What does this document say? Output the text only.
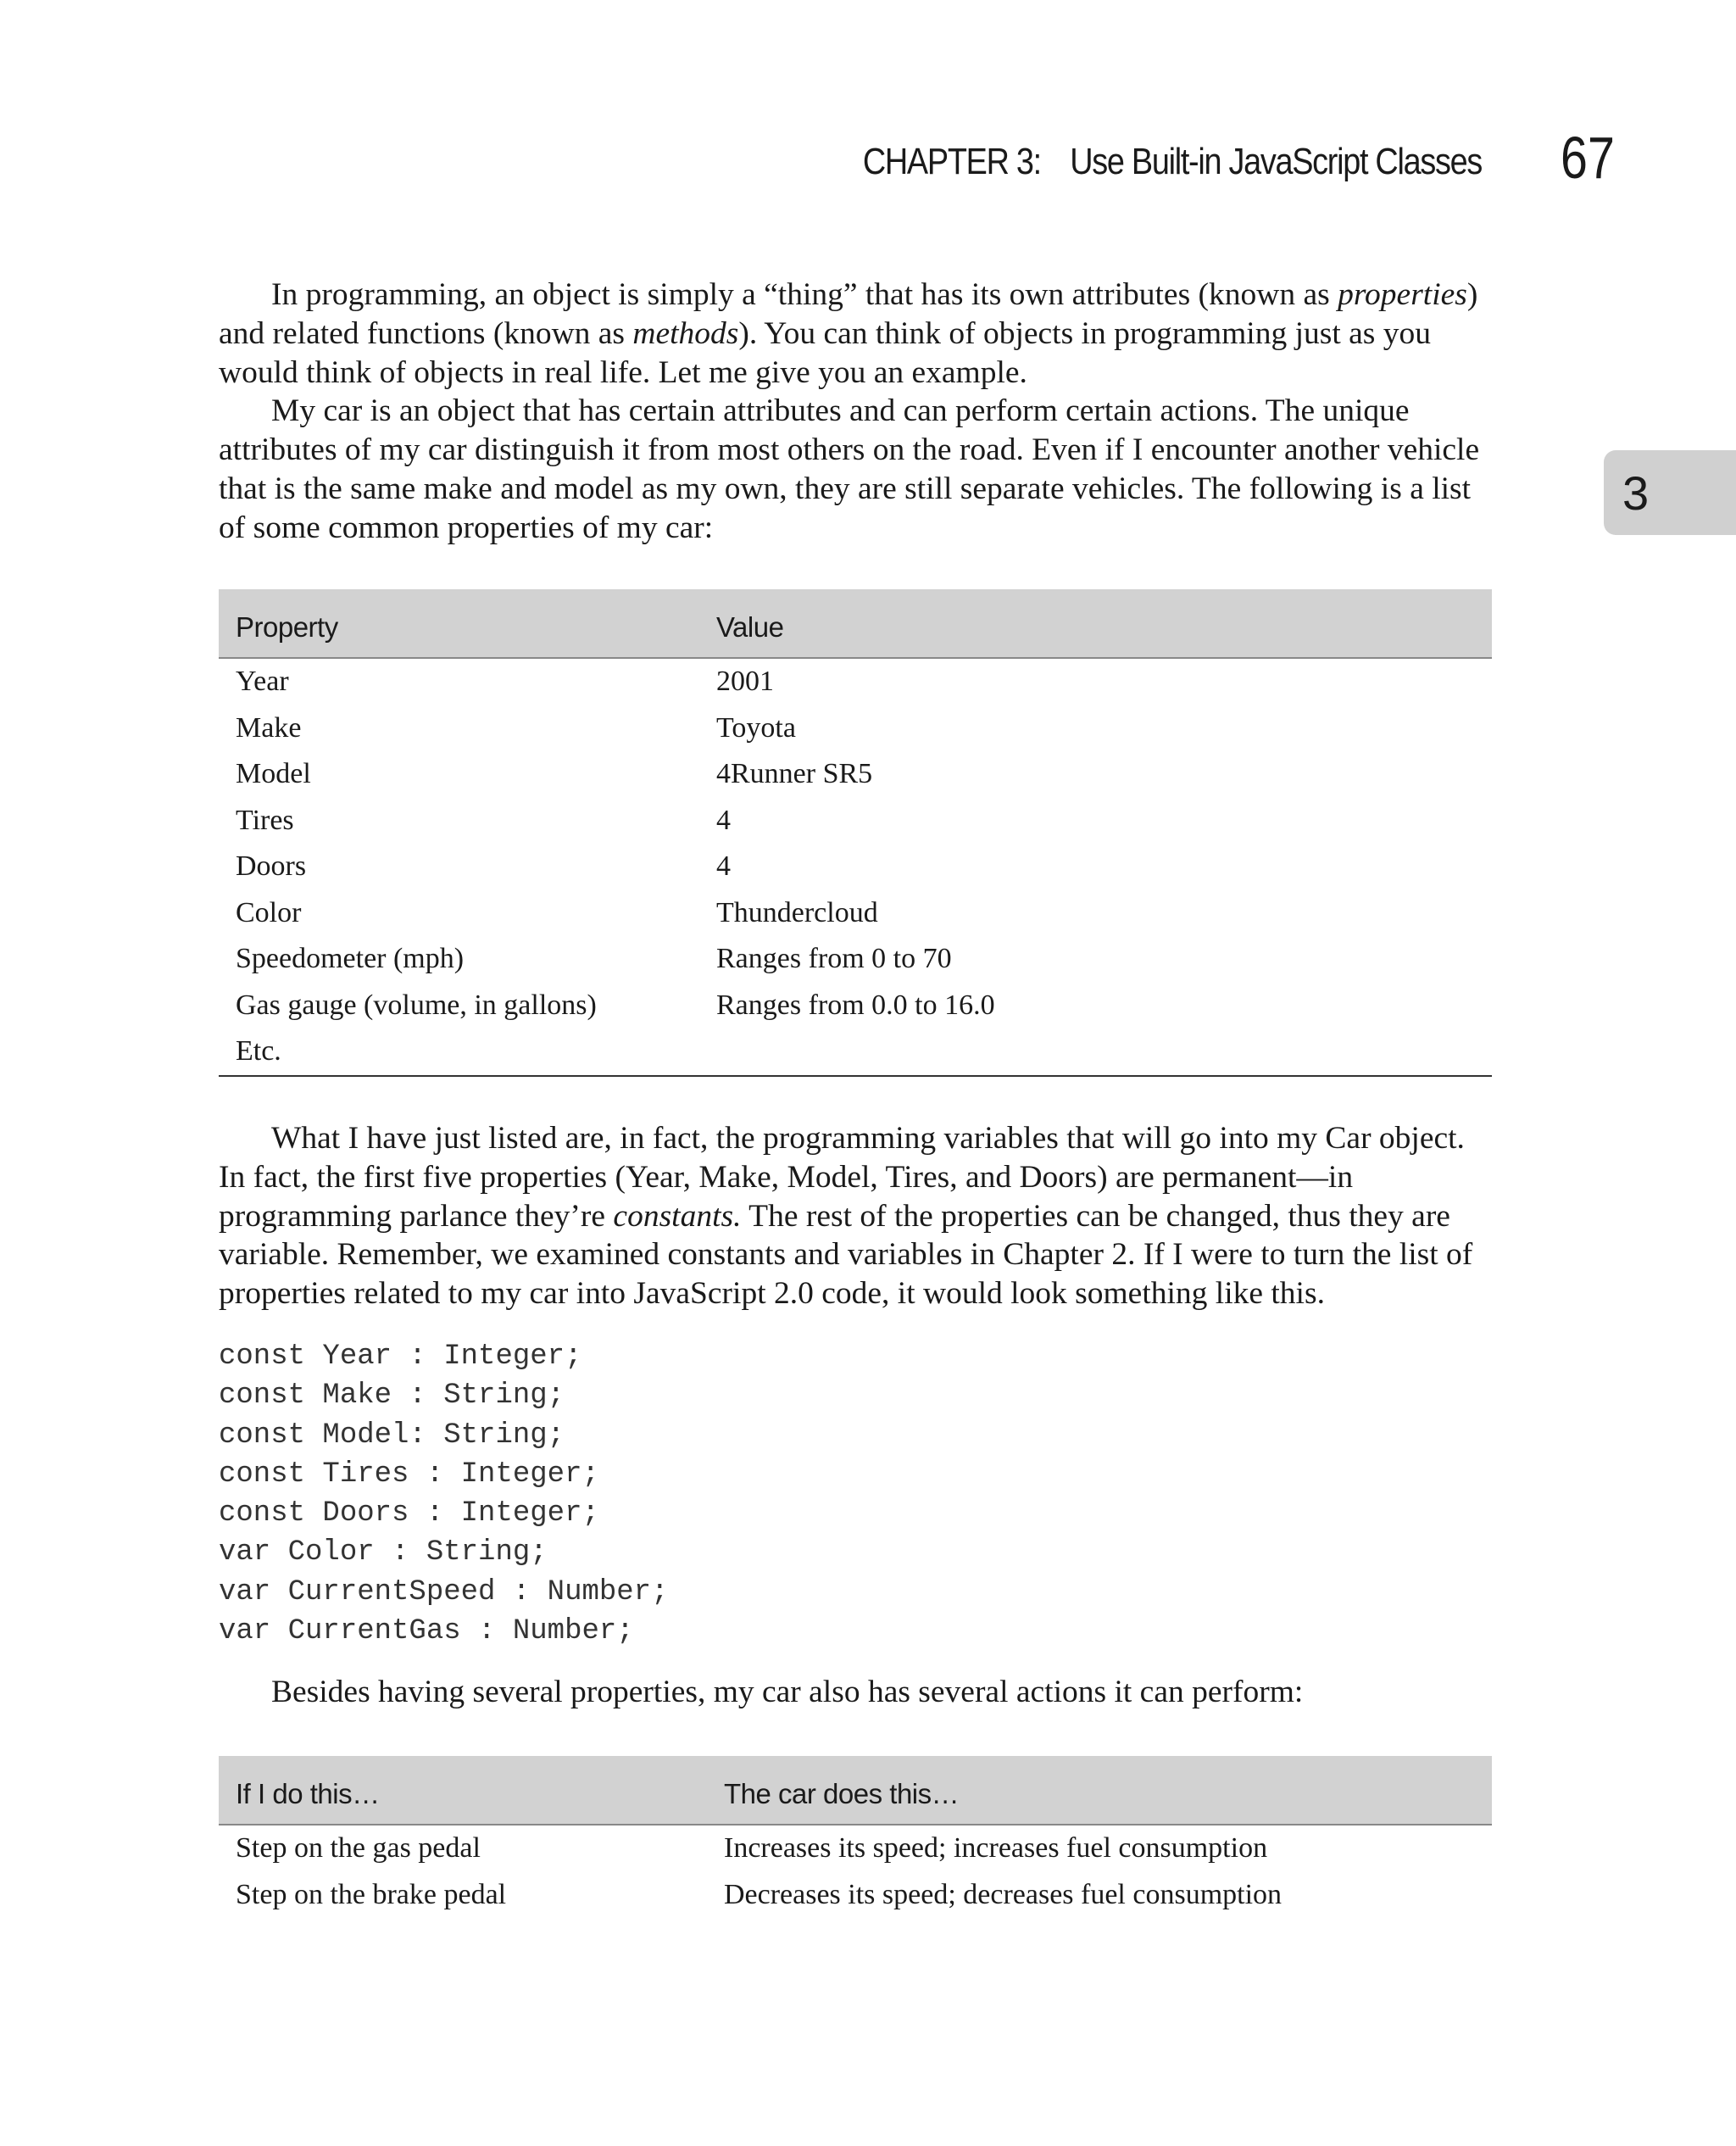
CHAPTER 3: Use Built-in JavaScript Classes 67
3

In programming, an object is simply a “thing” that has its own attributes (known as properties) and related functions (known as methods). You can think of objects in programming just as you would think of objects in real life. Let me give you an example.

My car is an object that has certain attributes and can perform certain actions. The unique attributes of my car distinguish it from most others on the road. Even if I encounter another vehicle that is the same make and model as my own, they are still separate vehicles. The following is a list of some common properties of my car:

Property	Value
Year	2001
Make	Toyota
Model	4Runner SR5
Tires	4
Doors	4
Color	Thundercloud
Speedometer (mph)	Ranges from 0 to 70
Gas gauge (volume, in gallons)	Ranges from 0.0 to 16.0
Etc.	

What I have just listed are, in fact, the programming variables that will go into my Car object. In fact, the first five properties (Year, Make, Model, Tires, and Doors) are permanent—in programming parlance they’re constants. The rest of the properties can be changed, thus they are variable. Remember, we examined constants and variables in Chapter 2. If I were to turn the list of properties related to my car into JavaScript 2.0 code, it would look something like this.

const Year : Integer;
const Make : String;
const Model: String;
const Tires : Integer;
const Doors : Integer;
var Color : String;
var CurrentSpeed : Number;
var CurrentGas : Number;

Besides having several properties, my car also has several actions it can perform:

If I do this…	The car does this…
Step on the gas pedal	Increases its speed; increases fuel consumption
Step on the brake pedal	Decreases its speed; decreases fuel consumption
